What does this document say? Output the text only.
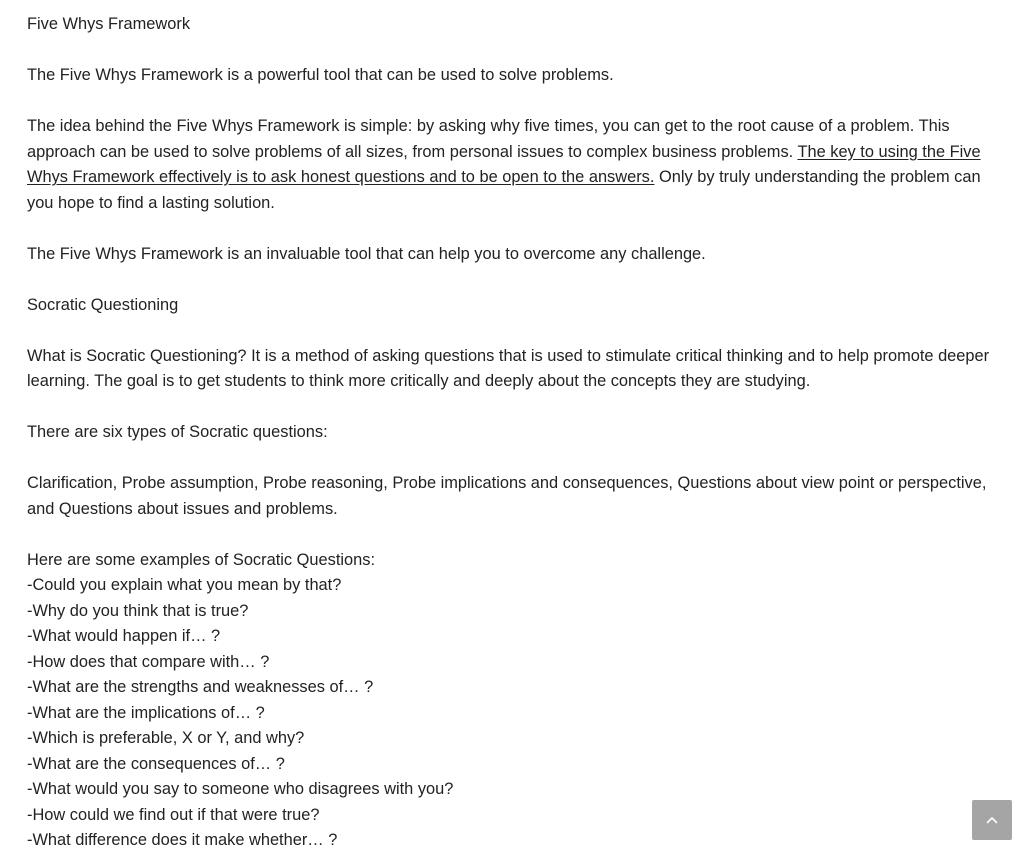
Five Whys Framework

The Five Whys Framework is a powerful tool that can be used to solve problems.

The idea behind the Five Whys Framework is simple: by asking why five times, you can get to the root cause of a problem. This approach can be used to solve problems of all sizes, from personal issues to complex business problems. The key to using the Five Whys Framework effectively is to ask honest questions and to be open to the answers. Only by truly understanding the problem can you hope to find a lasting solution.

The Five Whys Framework is an invaluable tool that can help you to overcome any challenge.

Socratic Questioning

What is Socratic Questioning? It is a method of asking questions that is used to stimulate critical thinking and to help promote deeper learning. The goal is to get students to think more critically and deeply about the concepts they are studying.

There are six types of Socratic questions:

Clarification, Probe assumption, Probe reasoning, Probe implications and consequences, Questions about view point or perspective, and Questions about issues and problems.

Here are some examples of Socratic Questions:
-Could you explain what you mean by that?
-Why do you think that is true?
-What would happen if… ?
-How does that compare with… ?
-What are the strengths and weaknesses of… ?
-What are the implications of… ?
-Which is preferable, X or Y, and why?
-What are the consequences of… ?
-What would you say to someone who disagrees with you?
-How could we find out if that were true?
-What difference does it make whether… ?
